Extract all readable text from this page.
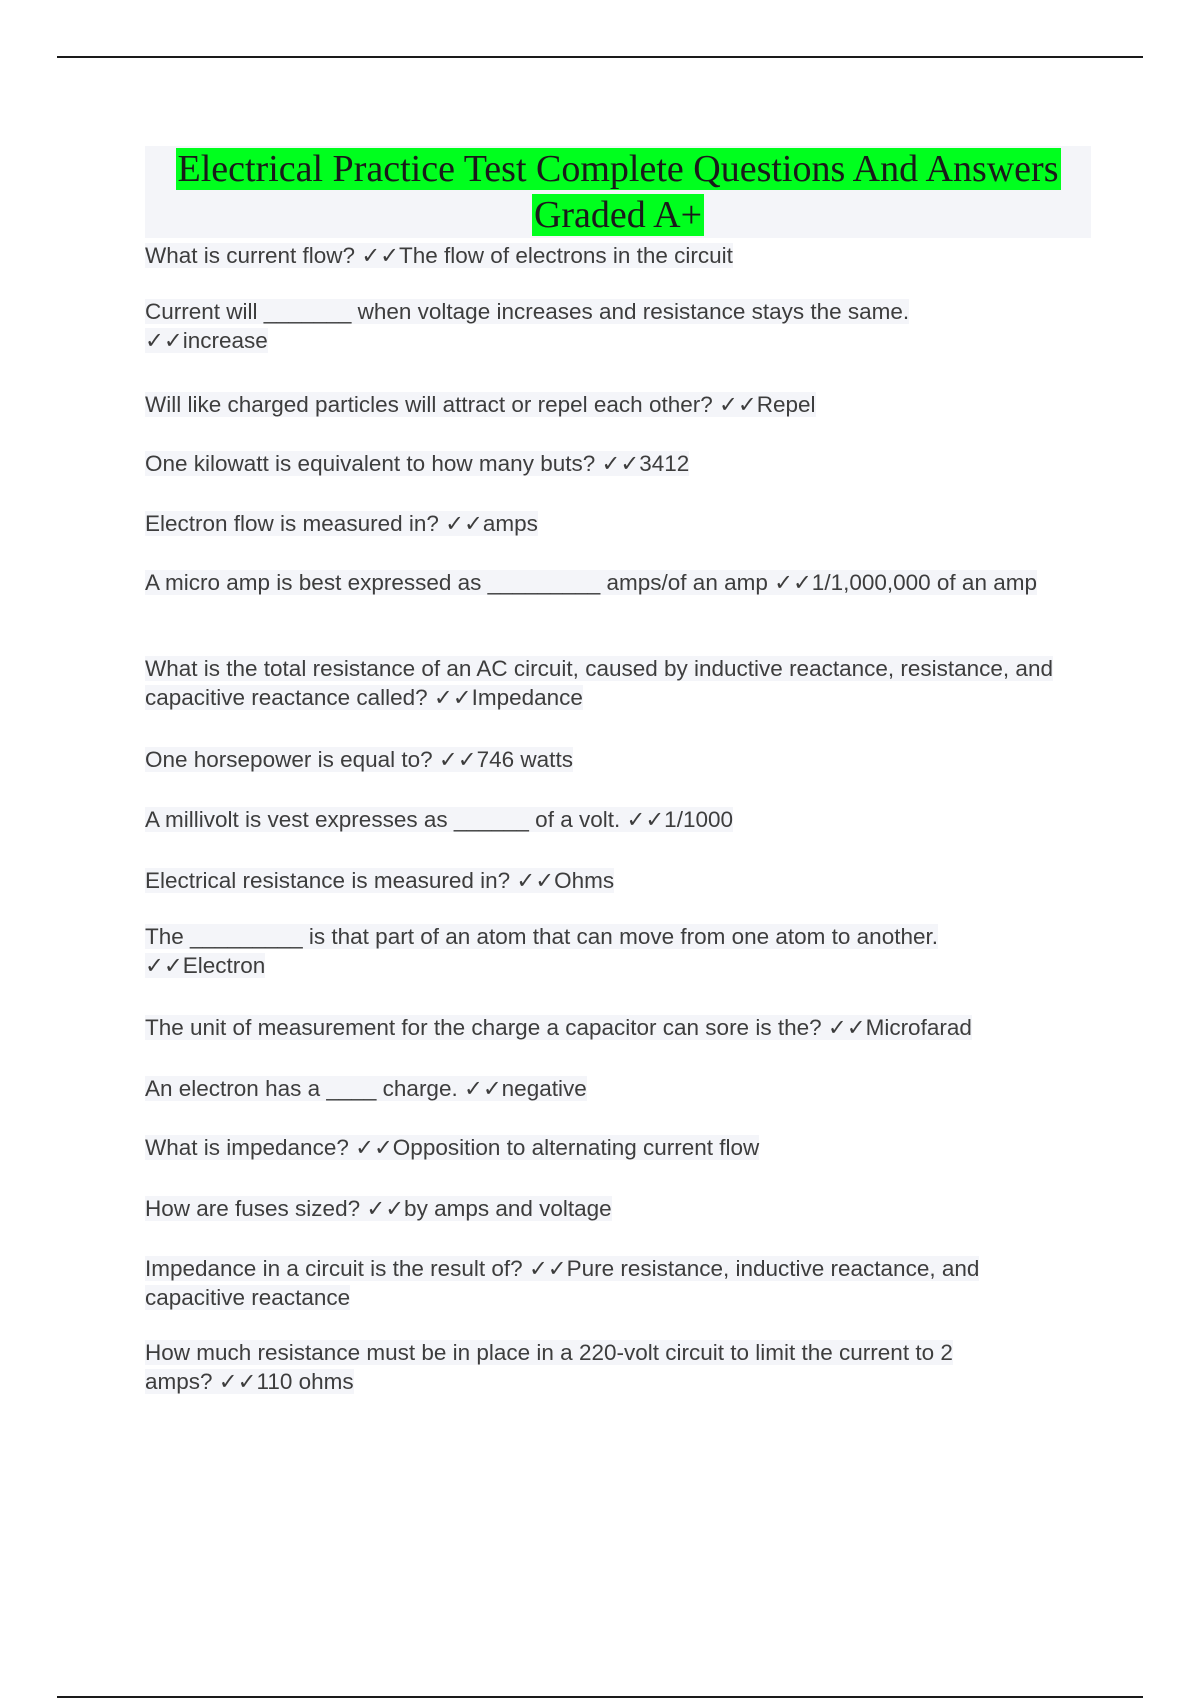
Electrical Practice Test Complete Questions And Answers Graded A+
What is current flow? ✓✓The flow of electrons in the circuit
Current will _______ when voltage increases and resistance stays the same. ✓✓increase
Will like charged particles will attract or repel each other? ✓✓Repel
One kilowatt is equivalent to how many buts? ✓✓3412
Electron flow is measured in? ✓✓amps
A micro amp is best expressed as _________ amps/of an amp ✓✓1/1,000,000 of an amp
What is the total resistance of an AC circuit, caused by inductive reactance, resistance, and capacitive reactance called? ✓✓Impedance
One horsepower is equal to? ✓✓746 watts
A millivolt is vest expresses as ______ of a volt. ✓✓1/1000
Electrical resistance is measured in? ✓✓Ohms
The _________ is that part of an atom that can move from one atom to another. ✓✓Electron
The unit of measurement for the charge a capacitor can sore is the? ✓✓Microfarad
An electron has a ____ charge. ✓✓negative
What is impedance? ✓✓Opposition to alternating current flow
How are fuses sized? ✓✓by amps and voltage
Impedance in a circuit is the result of? ✓✓Pure resistance, inductive reactance, and capacitive reactance
How much resistance must be in place in a 220-volt circuit to limit the current to 2 amps? ✓✓110 ohms
